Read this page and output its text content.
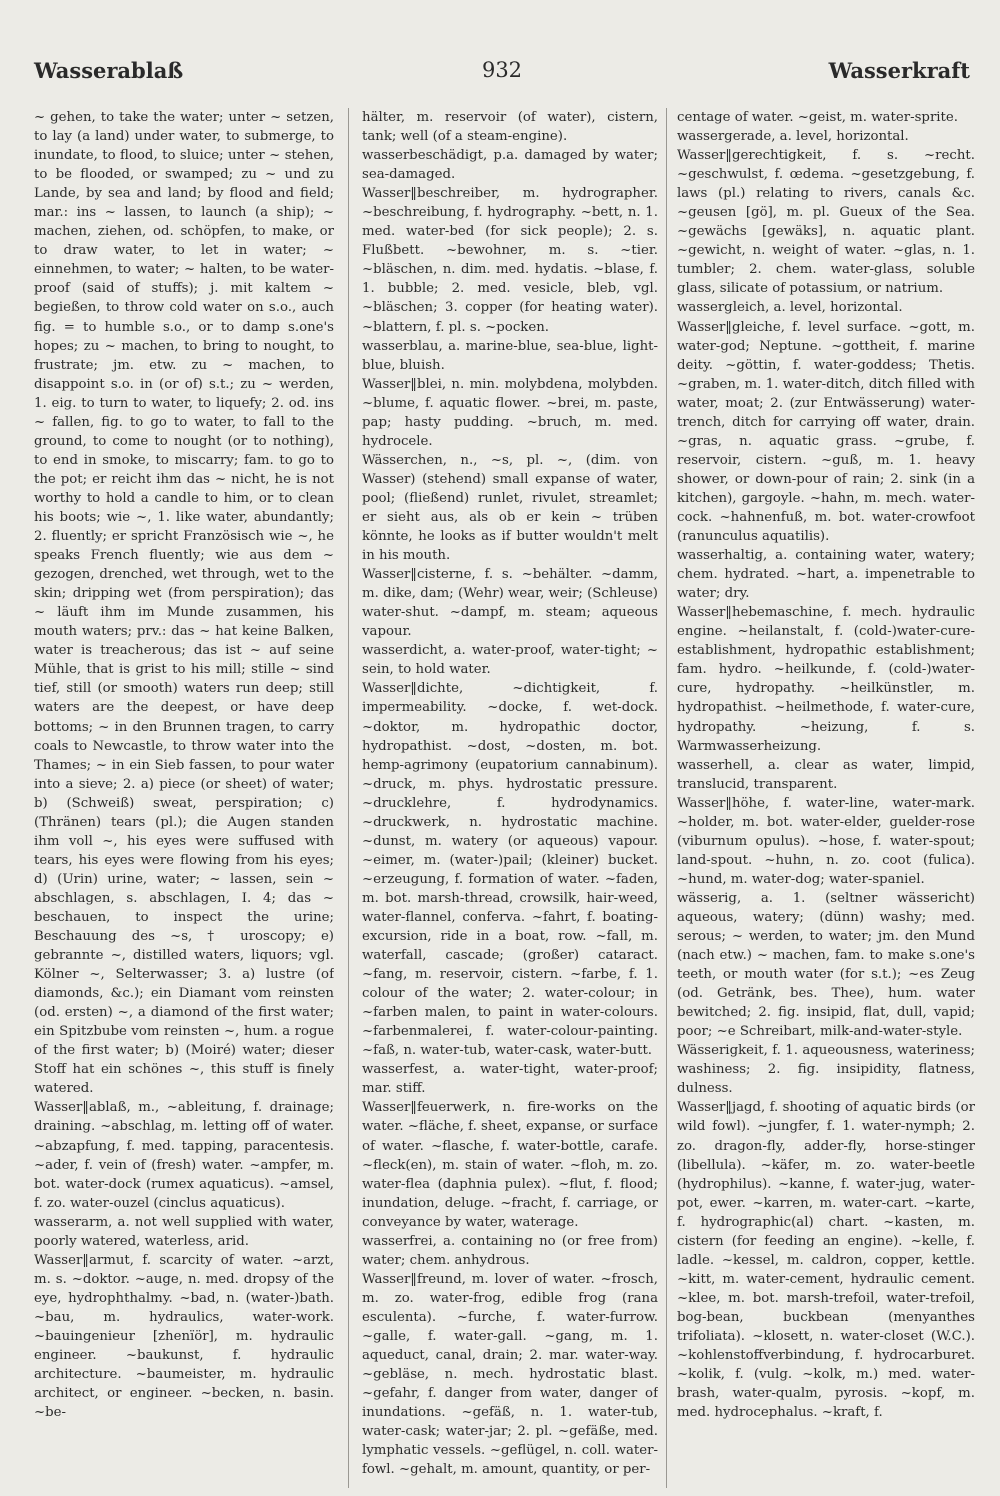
Wasserablaß	932	Wasserkraft

~ gehen, to take the water; unter ~ setzen, to lay (a land) under water, to submerge, to inundate, to flood, to sluice; unter ~ stehen, to be flooded, or swamped; zu ~ und zu Lande, by sea and land; by flood and field; mar.: ins ~ lassen, to launch (a ship); ~ machen, ziehen, od. schöpfen, to make, or to draw water, to let in water; ~ einnehmen, to water; ~ halten, to be water-proof (said of stuffs); j. mit kaltem ~ begießen, to throw cold water on s.o., auch fig. = to humble s.o., or to damp s.one's hopes; zu ~ machen, to bring to nought, to frustrate; jm. etw. zu ~ machen, to disappoint s.o. in (or of) s.t.; zu ~ werden, 1. eig. to turn to water, to liquefy; 2. od. ins ~ fallen, fig. to go to water, to fall to the ground, to come to nought (or to nothing), to end in smoke, to miscarry; fam. to go to the pot; er reicht ihm das ~ nicht, he is not worthy to hold a candle to him, or to clean his boots; wie ~, 1. like water, abundantly; 2. fluently; er spricht Französisch wie ~, he speaks French fluently; wie aus dem ~ gezogen, drenched, wet through, wet to the skin; dripping wet (from perspiration); das ~ läuft ihm im Munde zusammen, his mouth waters; prv.: das ~ hat keine Balken, water is treacherous; das ist ~ auf seine Mühle, that is grist to his mill; stille ~ sind tief, still (or smooth) waters run deep; still waters are the deepest, or have deep bottoms; ~ in den Brunnen tragen, to carry coals to Newcastle, to throw water into the Thames; ~ in ein Sieb fassen, to pour water into a sieve; 2. a) piece (or sheet) of water; b) (Schweiß) sweat, perspiration; c) (Thränen) tears (pl.); die Augen standen ihm voll ~, his eyes were suffused with tears, his eyes were flowing from his eyes; d) (Urin) urine, water; ~ lassen, sein ~ abschlagen, s. abschlagen, I. 4; das ~ beschauen, to inspect the urine; Beschauung des ~s, † uroscopy; e) gebrannte ~, distilled waters, liquors; vgl. Kölner ~, Selterwasser; 3. a) lustre (of diamonds, &c.); ein Diamant vom reinsten (od. ersten) ~, a diamond of the first water; ein Spitzbube vom reinsten ~, hum. a rogue of the first water; b) (Moiré) water; dieser Stoff hat ein schönes ~, this stuff is finely watered.

Wasser‖ablaß, m., ~ableitung, f. drainage; draining. ~abschlag, m. letting off of water. ~abzapfung, f. med. tapping, paracentesis. ~ader, f. vein of (fresh) water. ~ampfer, m. bot. water-dock (rumex aquaticus). ~amsel, f. zo. water-ouzel (cinclus aquaticus).

wasserarm, a. not well supplied with water, poorly watered, waterless, arid.

Wasser‖armut, f. scarcity of water. ~arzt, m. s. ~doktor. ~auge, n. med. dropsy of the eye, hydrophthalmy. ~bad, n. (water-)bath. ~bau, m. hydraulics, water-work. ~bauingenieur [zhenïör], m. hydraulic engineer. ~baukunst, f. hydraulic architecture. ~baumeister, m. hydraulic architect, or engineer. ~becken, n. basin. ~be-

hälter, m. reservoir (of water), cistern, tank; well (of a steam-engine).

wasserbeschädigt, p.a. damaged by water; sea-damaged.

Wasser‖beschreiber, m. hydrographer. ~beschreibung, f. hydrography. ~bett, n. 1. med. water-bed (for sick people); 2. s. Flußbett. ~bewohner, m. s. ~tier. ~bläschen, n. dim. med. hydatis. ~blase, f. 1. bubble; 2. med. vesicle, bleb, vgl. ~bläschen; 3. copper (for heating water). ~blattern, f. pl. s. ~pocken.

wasserblau, a. marine-blue, sea-blue, light-blue, bluish.

Wasser‖blei, n. min. molybdena, molybden. ~blume, f. aquatic flower. ~brei, m. paste, pap; hasty pudding. ~bruch, m. med. hydrocele.

Wässerchen, n., ~s, pl. ~, (dim. von Wasser) (stehend) small expanse of water, pool; (fließend) runlet, rivulet, streamlet; er sieht aus, als ob er kein ~ trüben könnte, he looks as if butter wouldn't melt in his mouth.

Wasser‖cisterne, f. s. ~behälter. ~damm, m. dike, dam; (Wehr) wear, weir; (Schleuse) water-shut. ~dampf, m. steam; aqueous vapour.

wasserdicht, a. water-proof, water-tight; ~ sein, to hold water.

Wasser‖dichte, ~dichtigkeit, f. impermeability. ~docke, f. wet-dock. ~doktor, m. hydropathic doctor, hydropathist. ~dost, ~dosten, m. bot. hemp-agrimony (eupatorium cannabinum). ~druck, m. phys. hydrostatic pressure. ~drucklehre, f. hydrodynamics. ~druckwerk, n. hydrostatic machine. ~dunst, m. watery (or aqueous) vapour. ~eimer, m. (water-)pail; (kleiner) bucket. ~erzeugung, f. formation of water. ~faden, m. bot. marsh-thread, crowsilk, hair-weed, water-flannel, conferva. ~fahrt, f. boating-excursion, ride in a boat, row. ~fall, m. waterfall, cascade; (großer) cataract. ~fang, m. reservoir, cistern. ~farbe, f. 1. colour of the water; 2. water-colour; in ~farben malen, to paint in water-colours. ~farbenmalerei, f. water-colour-painting. ~faß, n. water-tub, water-cask, water-butt.

wasserfest, a. water-tight, water-proof; mar. stiff.

Wasser‖feuerwerk, n. fire-works on the water. ~fläche, f. sheet, expanse, or surface of water. ~flasche, f. water-bottle, carafe. ~fleck(en), m. stain of water. ~floh, m. zo. water-flea (daphnia pulex). ~flut, f. flood; inundation, deluge. ~fracht, f. carriage, or conveyance by water, waterage.

wasserfrei, a. containing no (or free from) water; chem. anhydrous.

Wasser‖freund, m. lover of water. ~frosch, m. zo. water-frog, edible frog (rana esculenta). ~furche, f. water-furrow. ~galle, f. water-gall. ~gang, m. 1. aqueduct, canal, drain; 2. mar. water-way. ~gebläse, n. mech. hydrostatic blast. ~gefahr, f. danger from water, danger of inundations. ~gefäß, n. 1. water-tub, water-cask; water-jar; 2. pl. ~gefäße, med. lymphatic vessels. ~geflügel, n. coll. water-fowl. ~gehalt, m. amount, quantity, or per-

centage of water. ~geist, m. water-sprite.

wassergerade, a. level, horizontal.

Wasser‖gerechtigkeit, f. s. ~recht. ~geschwulst, f. œdema. ~gesetzgebung, f. laws (pl.) relating to rivers, canals &c. ~geusen [gö], m. pl. Gueux of the Sea. ~gewächs [gewäks], n. aquatic plant. ~gewicht, n. weight of water. ~glas, n. 1. tumbler; 2. chem. water-glass, soluble glass, silicate of potassium, or natrium.

wassergleich, a. level, horizontal.

Wasser‖gleiche, f. level surface. ~gott, m. water-god; Neptune. ~gottheit, f. marine deity. ~göttin, f. water-goddess; Thetis. ~graben, m. 1. water-ditch, ditch filled with water, moat; 2. (zur Entwässerung) water-trench, ditch for carrying off water, drain. ~gras, n. aquatic grass. ~grube, f. reservoir, cistern. ~guß, m. 1. heavy shower, or down-pour of rain; 2. sink (in a kitchen), gargoyle. ~hahn, m. mech. water-cock. ~hahnenfuß, m. bot. water-crowfoot (ranunculus aquatilis).

wasserhaltig, a. containing water, watery; chem. hydrated. ~hart, a. impenetrable to water; dry.

Wasser‖hebemaschine, f. mech. hydraulic engine. ~heilanstalt, f. (cold-)water-cure-establishment, hydropathic establishment; fam. hydro. ~heilkunde, f. (cold-)water-cure, hydropathy. ~heilkünstler, m. hydropathist. ~heilmethode, f. water-cure, hydropathy. ~heizung, f. s. Warmwasserheizung.

wasserhell, a. clear as water, limpid, translucid, transparent.

Wasser‖höhe, f. water-line, water-mark. ~holder, m. bot. water-elder, guelder-rose (viburnum opulus). ~hose, f. water-spout; land-spout. ~huhn, n. zo. coot (fulica). ~hund, m. water-dog; water-spaniel.

wässerig, a. 1. (seltner wässericht) aqueous, watery; (dünn) washy; med. serous; ~ werden, to water; jm. den Mund (nach etw.) ~ machen, fam. to make s.one's teeth, or mouth water (for s.t.); ~es Zeug (od. Getränk, bes. Thee), hum. water bewitched; 2. fig. insipid, flat, dull, vapid; poor; ~e Schreibart, milk-and-water-style.

Wässerigkeit, f. 1. aqueousness, wateriness; washiness; 2. fig. insipidity, flatness, dulness.

Wasser‖jagd, f. shooting of aquatic birds (or wild fowl). ~jungfer, f. 1. water-nymph; 2. zo. dragon-fly, adder-fly, horse-stinger (libellula). ~käfer, m. zo. water-beetle (hydrophilus). ~kanne, f. water-jug, water-pot, ewer. ~karren, m. water-cart. ~karte, f. hydrographic(al) chart. ~kasten, m. cistern (for feeding an engine). ~kelle, f. ladle. ~kessel, m. caldron, copper, kettle. ~kitt, m. water-cement, hydraulic cement. ~klee, m. bot. marsh-trefoil, water-trefoil, bog-bean, buckbean (menyanthes trifoliata). ~klosett, n. water-closet (W.C.). ~kohlenstoffverbindung, f. hydrocarburet. ~kolik, f. (vulg. ~kolk, m.) med. water-brash, water-qualm, pyrosis. ~kopf, m. med. hydrocephalus. ~kraft, f.
